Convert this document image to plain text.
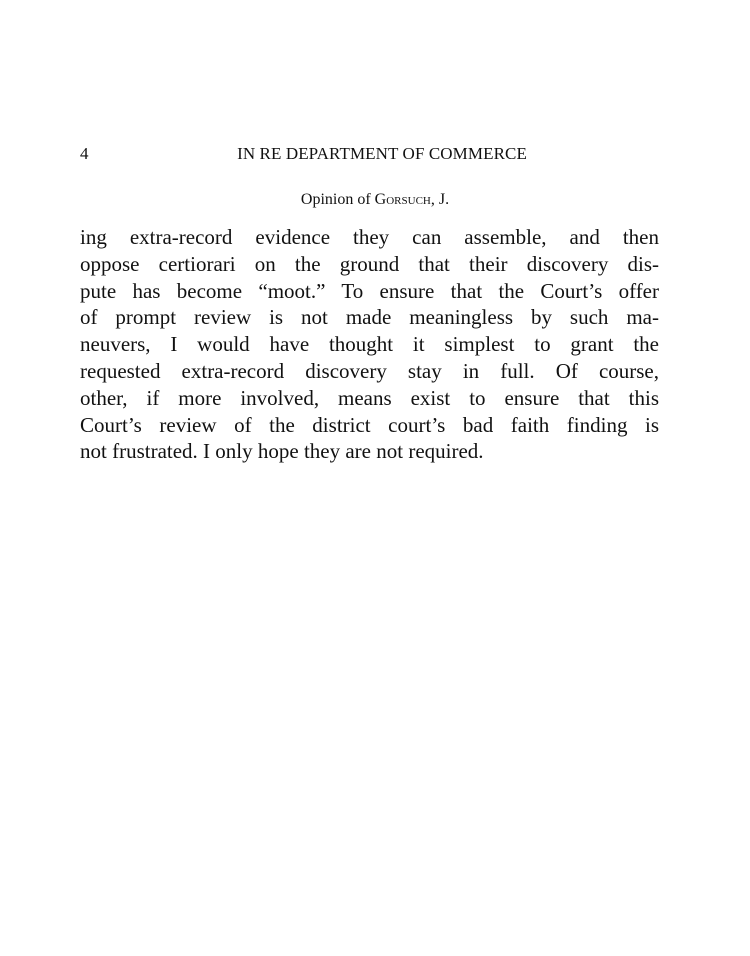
4	IN RE DEPARTMENT OF COMMERCE
Opinion of Gorsuch, J.
ing extra-record evidence they can assemble, and then
oppose certiorari on the ground that their discovery dis-
pute has become “moot.” To ensure that the Court’s offer
of prompt review is not made meaningless by such ma-
neuvers, I would have thought it simplest to grant the
requested extra-record discovery stay in full. Of course,
other, if more involved, means exist to ensure that this
Court’s review of the district court’s bad faith finding is
not frustrated. I only hope they are not required.
